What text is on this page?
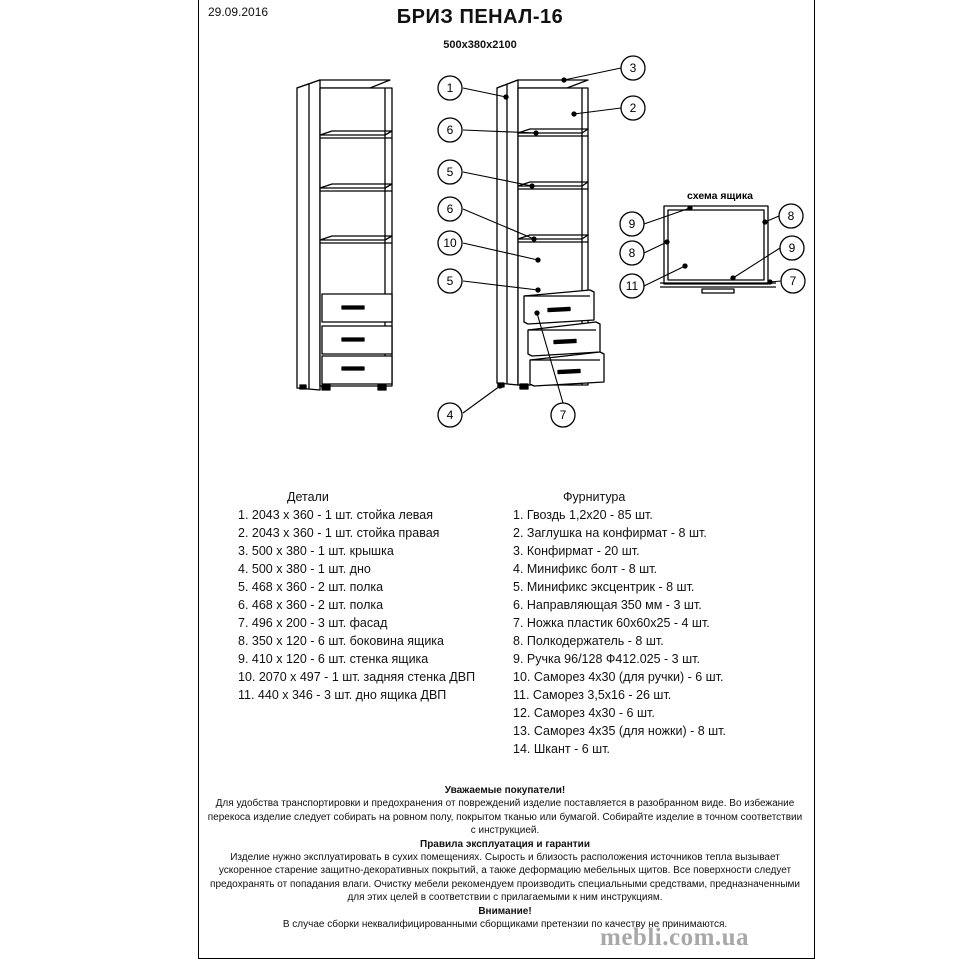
29.09.2016	БРИЗ ПЕНАЛ-16
500х380х2100
схема ящика
1
3
2
6
5
6
10
5
4	7
9
8
8	9
11	7
Детали
1. 2043 х 360 - 1 шт. стойка левая
2. 2043 х 360 - 1 шт. стойка правая
3. 500 х 380 - 1 шт. крышка
4. 500 х 380 - 1 шт. дно
5. 468 х 360 - 2 шт. полка
6. 468 х 360 - 2 шт. полка
7. 496 х 200 - 3 шт. фасад
8. 350 х 120 - 6 шт. боковина ящика
9. 410 х 120 - 6 шт. стенка ящика
10. 2070 х 497 - 1 шт. задняя стенка ДВП
11. 440 х 346 - 3 шт. дно ящика ДВП
Фурнитура
1. Гвоздь 1,2х20 - 85 шт.
2. Заглушка на конфирмат - 8 шт.
3. Конфирмат - 20 шт.
4. Минификс болт - 8 шт.
5. Минификс эксцентрик - 8 шт.
6. Направляющая 350 мм - 3 шт.
7. Ножка пластик 60х60х25 - 4 шт.
8. Полкодержатель - 8 шт.
9. Ручка 96/128 Ф412.025 - 3 шт.
10. Саморез 4х30 (для ручки) - 6 шт.
11. Саморез 3,5х16 - 26 шт.
12. Саморез 4х30 - 6 шт.
13. Саморез 4х35 (для ножки) - 8 шт.
14. Шкант - 6 шт.
Уважаемые покупатели!
Для удобства транспортировки и предохранения от повреждений изделие поставляется в разобранном виде. Во избежание перекоса изделие следует собирать на ровном полу, покрытом тканью или бумагой. Собирайте изделие в точном соответствии с инструкцией.
Правила эксплуатация и гарантии
Изделие нужно эксплуатировать в сухих помещениях. Сырость и близость расположения источников тепла вызывает ускоренное старение защитно-декоративных покрытий, а также деформацию мебельных щитов. Все поверхности следует предохранять от попадания влаги. Очистку мебели рекомендуем производить специальными средствами, предназначенными для этих целей в соответствии с прилагаемыми к ним инструкциям.
Внимание!
В случае сборки неквалифицированными сборщиками претензии по качеству не принимаются.
mebli.com.ua
